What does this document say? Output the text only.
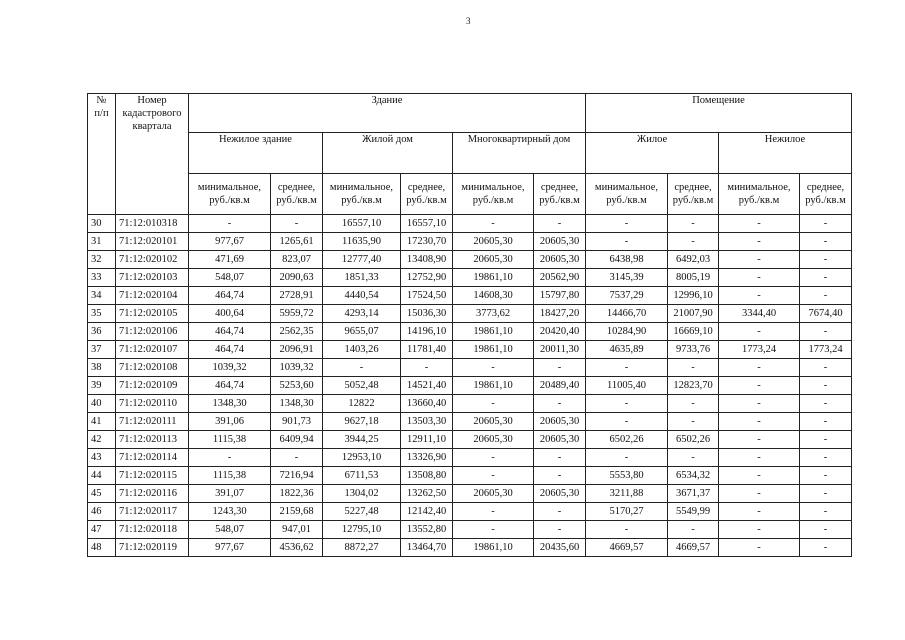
3
№ п/п	Номер кадастрового квартала	Здание						Помещение			
		Нежилое здание		Жилой дом		Многоквартирный дом		Жилое		Нежилое	
		минимальное, руб./кв.м	среднее, руб./кв.м	минимальное, руб./кв.м	среднее, руб./кв.м	минимальное, руб./кв.м	среднее, руб./кв.м	минимальное, руб./кв.м	среднее, руб./кв.м	минимальное, руб./кв.м	среднее, руб./кв.м
30	71:12:010318	-	-	16557,10	16557,10	-	-	-	-	-	-
31	71:12:020101	977,67	1265,61	11635,90	17230,70	20605,30	20605,30	-	-	-	-
32	71:12:020102	471,69	823,07	12777,40	13408,90	20605,30	20605,30	6438,98	6492,03	-	-
33	71:12:020103	548,07	2090,63	1851,33	12752,90	19861,10	20562,90	3145,39	8005,19	-	-
34	71:12:020104	464,74	2728,91	4440,54	17524,50	14608,30	15797,80	7537,29	12996,10	-	-
35	71:12:020105	400,64	5959,72	4293,14	15036,30	3773,62	18427,20	14466,70	21007,90	3344,40	7674,40
36	71:12:020106	464,74	2562,35	9655,07	14196,10	19861,10	20420,40	10284,90	16669,10	-	-
37	71:12:020107	464,74	2096,91	1403,26	11781,40	19861,10	20011,30	4635,89	9733,76	1773,24	1773,24
38	71:12:020108	1039,32	1039,32	-	-	-	-	-	-	-	-
39	71:12:020109	464,74	5253,60	5052,48	14521,40	19861,10	20489,40	11005,40	12823,70	-	-
40	71:12:020110	1348,30	1348,30	12822	13660,40	-	-	-	-	-	-
41	71:12:020111	391,06	901,73	9627,18	13503,30	20605,30	20605,30	-	-	-	-
42	71:12:020113	1115,38	6409,94	3944,25	12911,10	20605,30	20605,30	6502,26	6502,26	-	-
43	71:12:020114	-	-	12953,10	13326,90	-	-	-	-	-	-
44	71:12:020115	1115,38	7216,94	6711,53	13508,80	-	-	5553,80	6534,32	-	-
45	71:12:020116	391,07	1822,36	1304,02	13262,50	20605,30	20605,30	3211,88	3671,37	-	-
46	71:12:020117	1243,30	2159,68	5227,48	12142,40	-	-	5170,27	5549,99	-	-
47	71:12:020118	548,07	947,01	12795,10	13552,80	-	-	-	-	-	-
48	71:12:020119	977,67	4536,62	8872,27	13464,70	19861,10	20435,60	4669,57	4669,57	-	-
